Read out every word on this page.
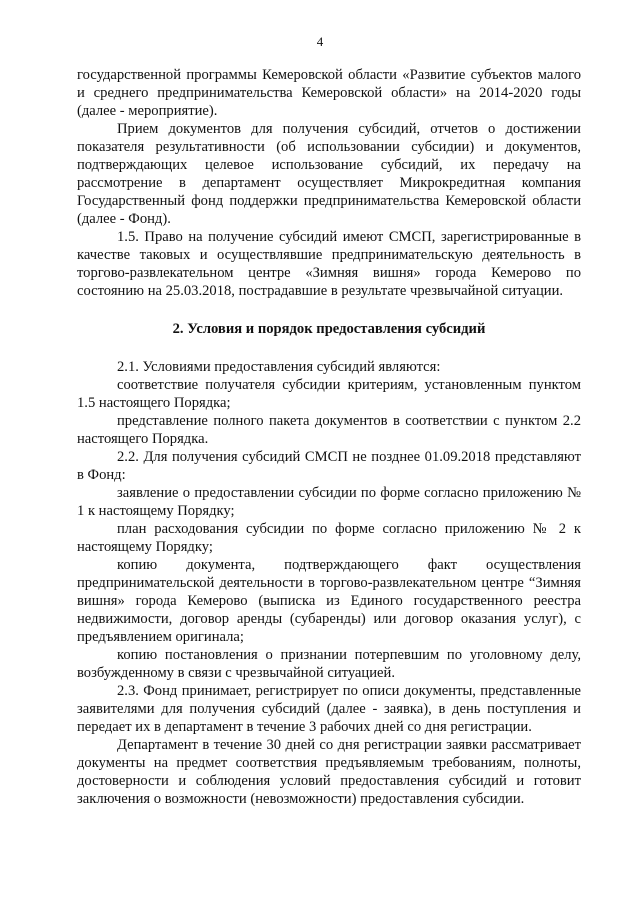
4

государственной программы Кемеровской области «Развитие субъектов малого и среднего предпринимательства Кемеровской области» на 2014-2020 годы (далее - мероприятие).

Прием документов для получения субсидий, отчетов о достижении показателя результативности (об использовании субсидии) и документов, подтверждающих целевое использование субсидий, их передачу на рассмотрение в департамент осуществляет Микрокредитная компания Государственный фонд поддержки предпринимательства Кемеровской области (далее - Фонд).

1.5. Право на получение субсидий имеют СМСП, зарегистрированные в качестве таковых и осуществлявшие предпринимательскую деятельность в торгово-развлекательном центре «Зимняя вишня» города Кемерово по состоянию на 25.03.2018, пострадавшие в результате чрезвычайной ситуации.

2. Условия и порядок предоставления субсидий

2.1. Условиями предоставления субсидий являются:

соответствие получателя субсидии критериям, установленным пунктом 1.5 настоящего Порядка;

представление полного пакета документов в соответствии с пунктом 2.2 настоящего Порядка.

2.2. Для получения субсидий СМСП не позднее 01.09.2018 представляют в Фонд:

заявление о предоставлении субсидии по форме согласно приложению № 1 к настоящему Порядку;

план расходования субсидии по форме согласно приложению № 2 к настоящему Порядку;

копию документа, подтверждающего факт осуществления предпринимательской деятельности в торгово-развлекательном центре “Зимняя вишня» города Кемерово (выписка из Единого государственного реестра недвижимости, договор аренды (субаренды) или договор оказания услуг), с предъявлением оригинала;

копию постановления о признании потерпевшим по уголовному делу, возбужденному в связи с чрезвычайной ситуацией.

2.3. Фонд принимает, регистрирует по описи документы, представленные заявителями для получения субсидий (далее - заявка), в день поступления и передает их в департамент в течение 3 рабочих дней со дня регистрации.

Департамент в течение 30 дней со дня регистрации заявки рассматривает документы на предмет соответствия предъявляемым требованиям, полноты, достоверности и соблюдения условий предоставления субсидий и готовит заключения о возможности (невозможности) предоставления субсидии.
